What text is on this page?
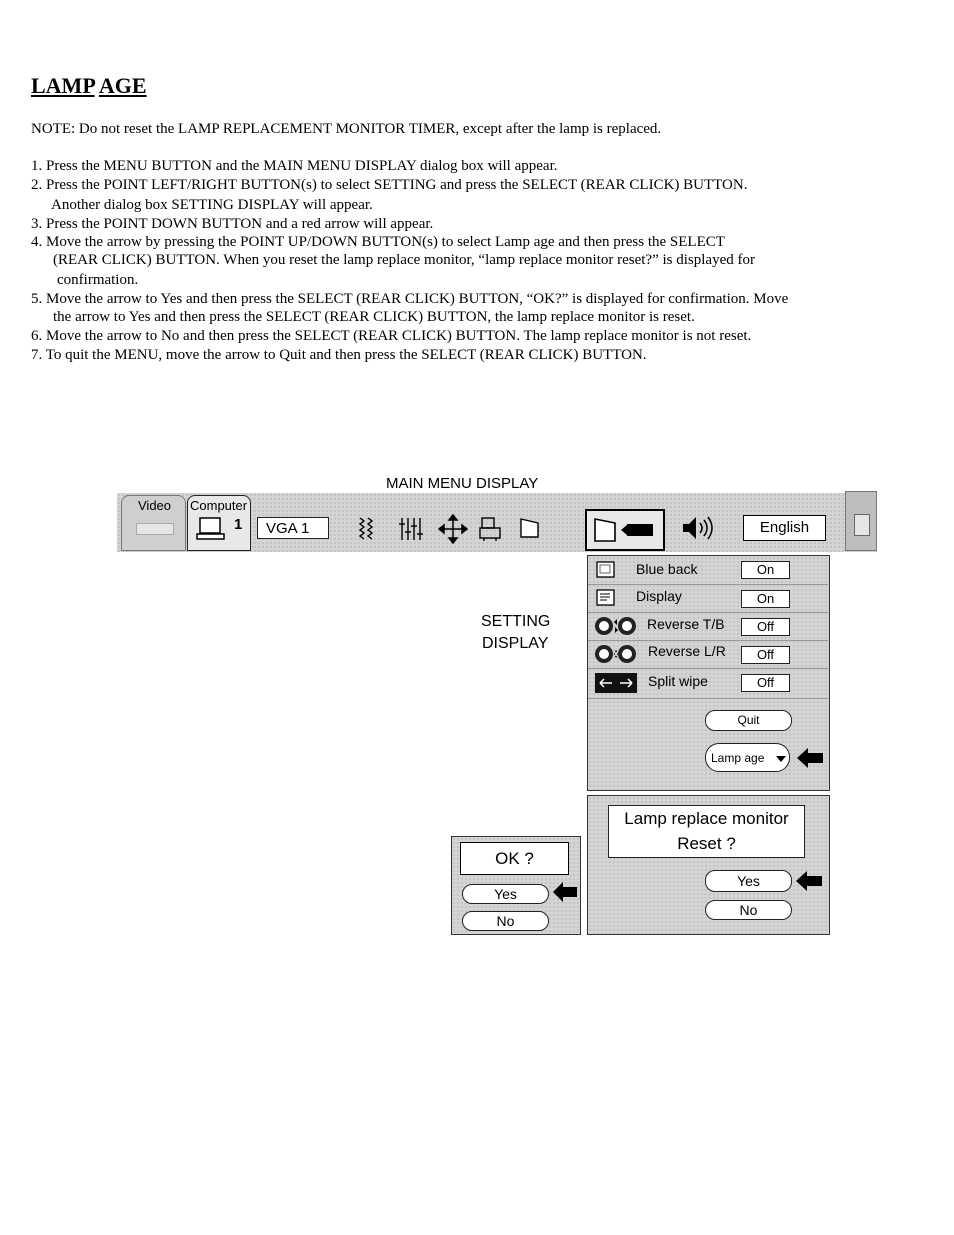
LAMP AGE
NOTE: Do not reset the LAMP REPLACEMENT MONITOR TIMER, except after the lamp is replaced.
1. Press the MENU BUTTON and the MAIN MENU DISPLAY dialog box will appear.
2. Press the POINT LEFT/RIGHT BUTTON(s) to select SETTING and press the SELECT (REAR CLICK) BUTTON.
Another dialog box SETTING DISPLAY will appear.
3. Press the POINT DOWN BUTTON and a red arrow will appear.
4. Move the arrow by pressing the POINT UP/DOWN BUTTON(s) to select Lamp age and then press the SELECT
(REAR CLICK) BUTTON. When you reset the lamp replace monitor, “lamp replace monitor reset?” is displayed for
confirmation.
5. Move the arrow to Yes and then press the SELECT (REAR CLICK) BUTTON, “OK?” is displayed for confirmation. Move
the arrow to Yes and then press the SELECT (REAR CLICK) BUTTON, the lamp replace monitor is reset.
6. Move the arrow to No and then press the SELECT (REAR CLICK) BUTTON. The lamp replace monitor is not reset.
7. To quit the MENU, move the arrow to Quit and then press the SELECT (REAR CLICK) BUTTON.
MAIN MENU DISPLAY
Video Computer
1	VGA 1	English
SETTING
DISPLAY
Blue back	On
Display	On
Reverse T/B	Off
Reverse L/R	Off
Split wipe	Off
Quit
Lamp age
Lamp replace monitor
Reset ?
Yes
No
OK ?
Yes
No
